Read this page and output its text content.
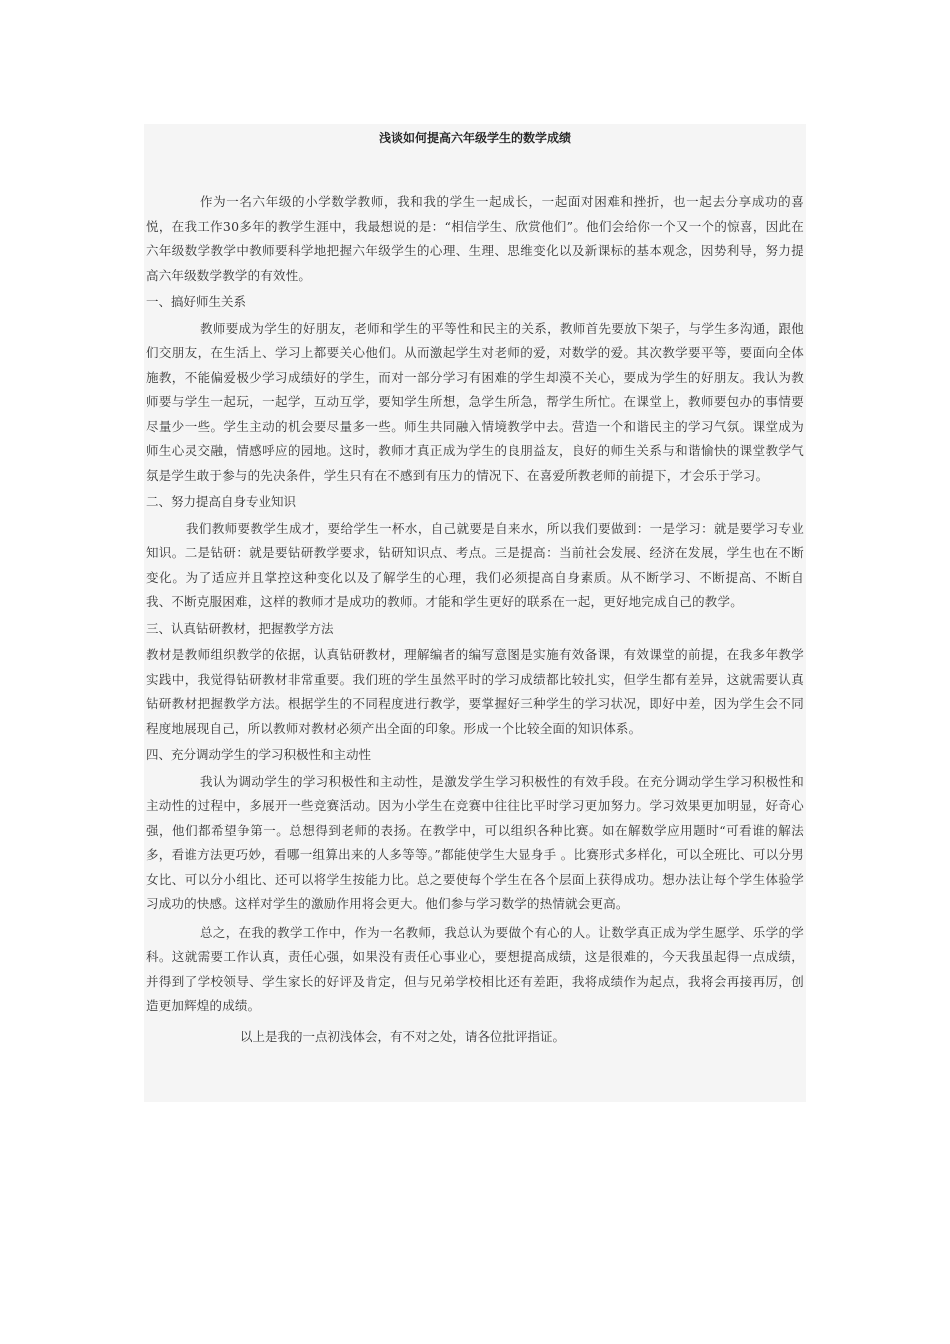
浅谈如何提高六年级学生的数学成绩

作为一名六年级的小学数学教师，我和我的学生一起成长，一起面对困难和挫折，也一起去分享成功的喜悦，在我工作30多年的教学生涯中，我最想说的是：“相信学生、欣赏他们”。他们会给你一个又一个的惊喜，因此在六年级数学教学中教师要科学地把握六年级学生的心理、生理、思维变化以及新课标的基本观念，因势利导，努力提高六年级数学教学的有效性。

一、搞好师生关系

教师要成为学生的好朋友，老师和学生的平等性和民主的关系，教师首先要放下架子，与学生多沟通，跟他们交朋友，在生活上、学习上都要关心他们。从而激起学生对老师的爱，对数学的爱。其次教学要平等，要面向全体施教，不能偏爱极少学习成绩好的学生，而对一部分学习有困难的学生却漠不关心，要成为学生的好朋友。我认为教师要与学生一起玩，一起学，互动互学，要知学生所想，急学生所急，帮学生所忙。在课堂上，教师要包办的事情要尽量少一些。学生主动的机会要尽量多一些。师生共同融入情境教学中去。营造一个和谐民主的学习气氛。课堂成为师生心灵交融，情感呼应的园地。这时，教师才真正成为学生的良朋益友，良好的师生关系与和谐愉快的课堂教学气氛是学生敢于参与的先决条件，学生只有在不感到有压力的情况下、在喜爱所教老师的前提下，才会乐于学习。

二、努力提高自身专业知识

我们教师要教学生成才，要给学生一杯水，自己就要是自来水，所以我们要做到：一是学习：就是要学习专业知识。二是钻研：就是要钻研教学要求，钻研知识点、考点。三是提高：当前社会发展、经济在发展，学生也在不断变化。为了适应并且掌控这种变化以及了解学生的心理，我们必须提高自身素质。从不断学习、不断提高、不断自我、不断克服困难，这样的教师才是成功的教师。才能和学生更好的联系在一起，更好地完成自己的教学。

三、认真钻研教材，把握教学方法

教材是教师组织教学的依据，认真钻研教材，理解编者的编写意图是实施有效备课，有效课堂的前提，在我多年教学实践中，我觉得钻研教材非常重要。我们班的学生虽然平时的学习成绩都比较扎实，但学生都有差异，这就需要认真钻研教材把握教学方法。根据学生的不同程度进行教学，要掌握好三种学生的学习状况，即好中差，因为学生会不同程度地展现自己，所以教师对教材必须产出全面的印象。形成一个比较全面的知识体系。

四、充分调动学生的学习积极性和主动性

我认为调动学生的学习积极性和主动性，是激发学生学习积极性的有效手段。在充分调动学生学习积极性和主动性的过程中，多展开一些竞赛活动。因为小学生在竞赛中往往比平时学习更加努力。学习效果更加明显，好奇心强，他们都希望争第一。总想得到老师的表扬。在教学中，可以组织各种比赛。如在解数学应用题时“可看谁的解法多，看谁方法更巧妙，看哪一组算出来的人多等等。”都能使学生大显身手 。比赛形式多样化，可以全班比、可以分男女比、可以分小组比、还可以将学生按能力比。总之要使每个学生在各个层面上获得成功。想办法让每个学生体验学习成功的快感。这样对学生的激励作用将会更大。他们参与学习数学的热情就会更高。

总之，在我的教学工作中，作为一名教师，我总认为要做个有心的人。让数学真正成为学生愿学、乐学的学科。这就需要工作认真，责任心强，如果没有责任心事业心，要想提高成绩，这是很难的，今天我虽起得一点成绩，并得到了学校领导、学生家长的好评及肯定，但与兄弟学校相比还有差距，我将成绩作为起点，我将会再接再厉，创造更加辉煌的成绩。

以上是我的一点初浅体会，有不对之处，请各位批评指证。
